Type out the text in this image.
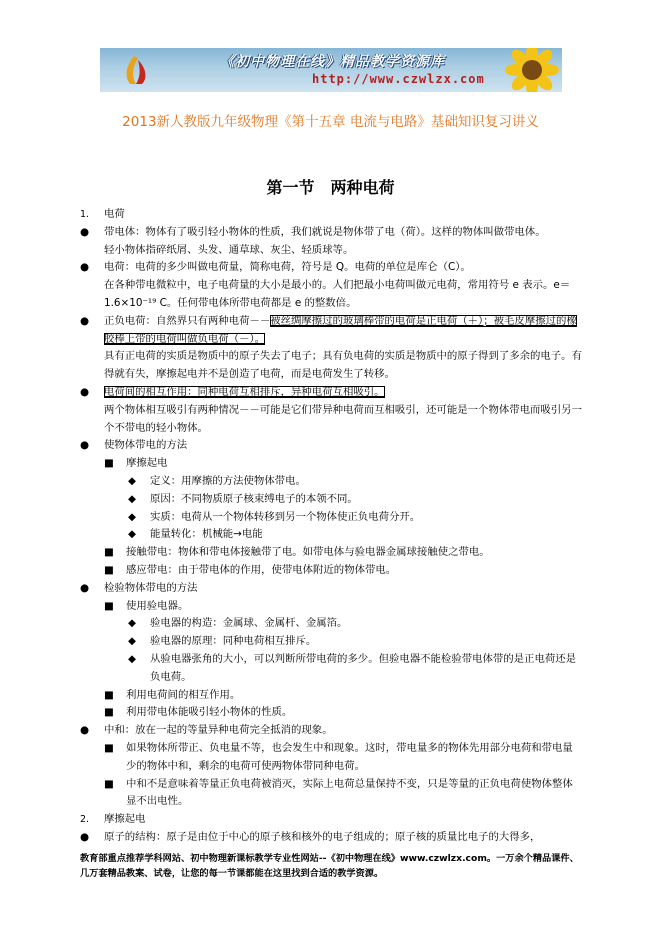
《初中物理在线》精品教学资源库
http://www.czwlzx.com
2013新人教版九年级物理《第十五章 电流与电路》基础知识复习讲义
第一节　两种电荷
1. 电荷
● 带电体：物体有了吸引轻小物体的性质，我们就说是物体带了电（荷）。这样的物体叫做带电体。
轻小物体指碎纸屑、头发、通草球、灰尘、轻质球等。
● 电荷：电荷的多少叫做电荷量，简称电荷，符号是 Q。电荷的单位是库仑（C）。
在各种带电微粒中，电子电荷量的大小是最小的。人们把最小电荷叫做元电荷，常用符号 e 表示。e＝1.6×10⁻¹⁹ C。任何带电体所带电荷都是 e 的整数倍。
● 正负电荷：自然界只有两种电荷－－被丝绸摩擦过的玻璃棒带的电荷是正电荷（＋）；被毛皮摩擦过的橡胶棒上带的电荷叫做负电荷（－）。
具有正电荷的实质是物质中的原子失去了电子；具有负电荷的实质是物质中的原子得到了多余的电子。有得就有失，摩擦起电并不是创造了电荷，而是电荷发生了转移。
● 电荷间的相互作用：同种电荷互相排斥，异种电荷互相吸引。
两个物体相互吸引有两种情况－－可能是它们带异种电荷而互相吸引，还可能是一个物体带电而吸引另一个不带电的轻小物体。
● 使物体带电的方法
■ 摩擦起电
◆ 定义：用摩擦的方法使物体带电。
◆ 原因：不同物质原子核束缚电子的本领不同。
◆ 实质：电荷从一个物体转移到另一个物体使正负电荷分开。
◆ 能量转化：机械能→电能
■ 接触带电：物体和带电体接触带了电。如带电体与验电器金属球接触使之带电。
■ 感应带电：由于带电体的作用，使带电体附近的物体带电。
● 检验物体带电的方法
■ 使用验电器。
◆ 验电器的构造：金属球、金属杆、金属箔。
◆ 验电器的原理：同种电荷相互排斥。
◆ 从验电器张角的大小，可以判断所带电荷的多少。但验电器不能检验带电体带的是正电荷还是负电荷。
■ 利用电荷间的相互作用。
■ 利用带电体能吸引轻小物体的性质。
● 中和：放在一起的等量异种电荷完全抵消的现象。
■ 如果物体所带正、负电量不等，也会发生中和现象。这时，带电量多的物体先用部分电荷和带电量少的物体中和，剩余的电荷可使两物体带同种电荷。
■ 中和不是意味着等量正负电荷被消灭，实际上电荷总量保持不变，只是等量的正负电荷使物体整体显不出电性。
2. 摩擦起电
● 原子的结构：原子是由位于中心的原子核和核外的电子组成的；原子核的质量比电子的大得多，
教育部重点推荐学科网站、初中物理新课标教学专业性网站--《初中物理在线》www.czwlzx.com。一万余个精品课件、几万套精品教案、试卷，让您的每一节课都能在这里找到合适的教学资源。
